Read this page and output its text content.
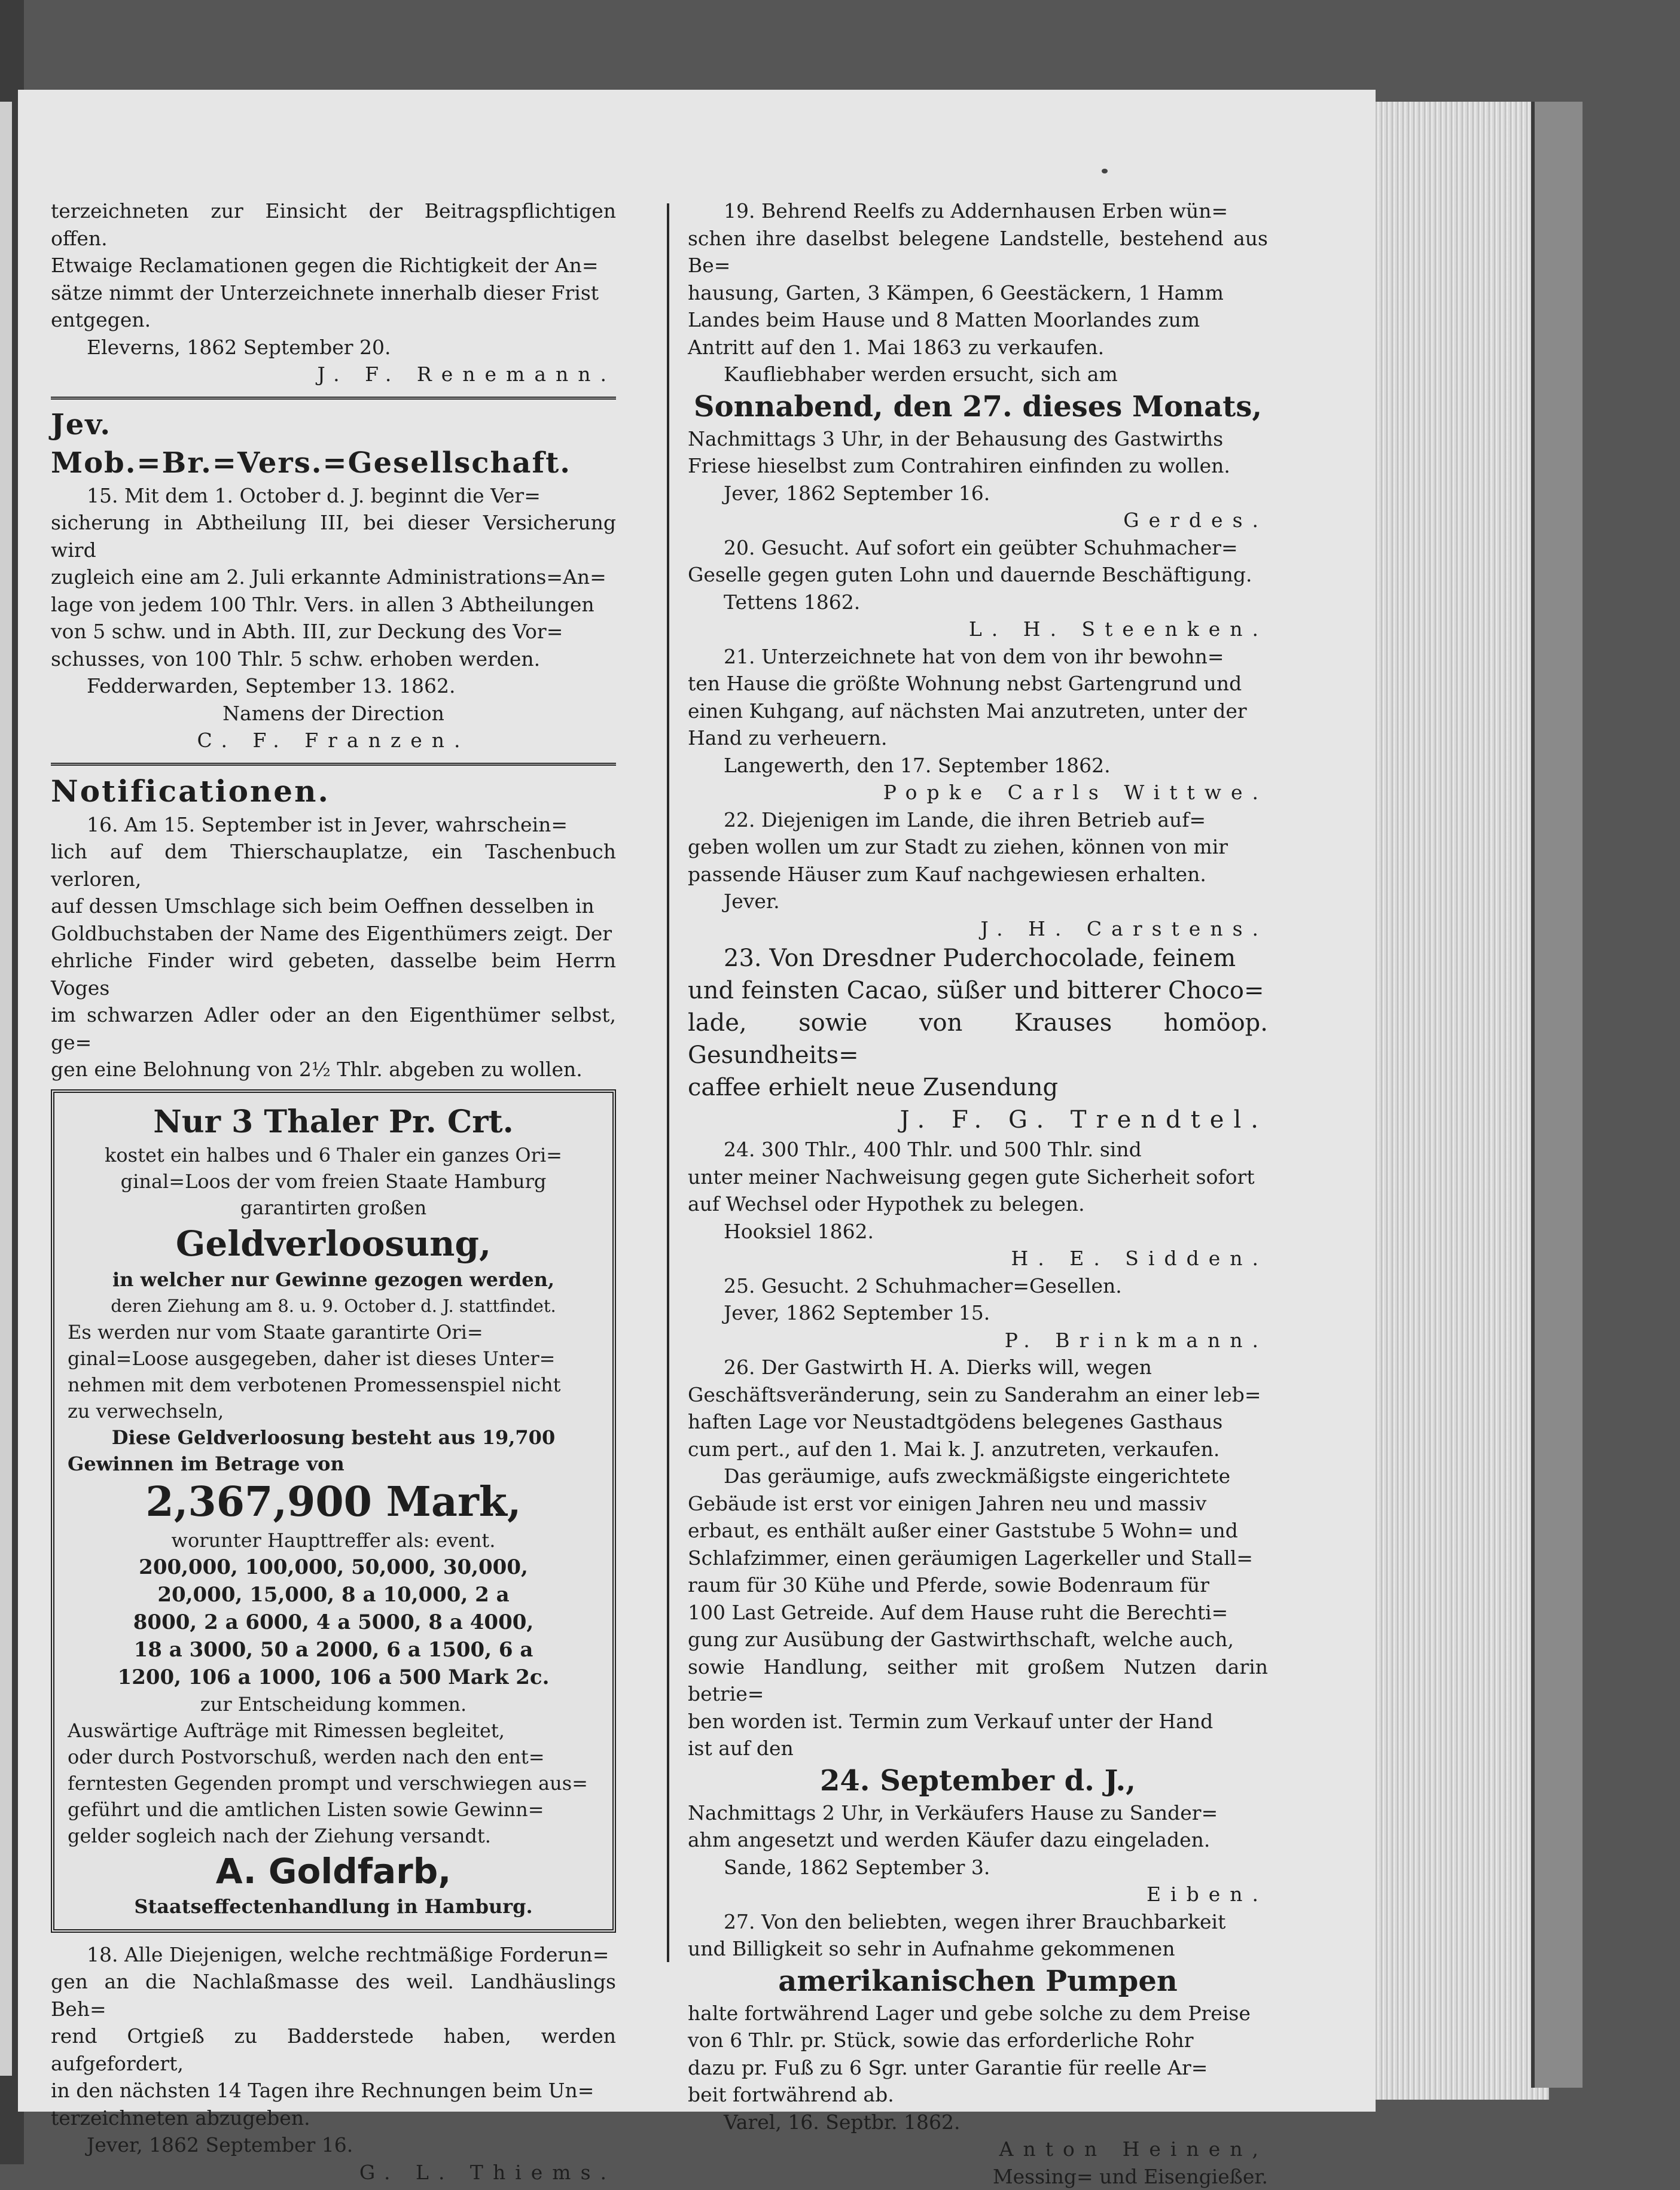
terzeichneten zur Einsicht der Beitragspflichtigen offen.

Etwaige Reclamationen gegen die Richtigkeit der An=

sätze nimmt der Unterzeichnete innerhalb dieser Frist

entgegen.

Eleverns, 1862 September 20.

J. F. Renemann.

Jev. Mob.=Br.=Vers.=Gesellschaft.

15. Mit dem 1. October d. J. beginnt die Ver=

sicherung in Abtheilung III, bei dieser Versicherung wird

zugleich eine am 2. Juli erkannte Administrations=An=

lage von jedem 100 Thlr. Vers. in allen 3 Abtheilungen

von 5 schw. und in Abth. III, zur Deckung des Vor=

schusses, von 100 Thlr. 5 schw. erhoben werden.

Fedderwarden, September 13. 1862.

Namens der Direction

C. F. Franzen.

Notificationen.

16. Am 15. September ist in Jever, wahrschein=

lich auf dem Thierschauplatze, ein Taschenbuch verloren,

auf dessen Umschlage sich beim Oeffnen desselben in

Goldbuchstaben der Name des Eigenthümers zeigt. Der

ehrliche Finder wird gebeten, dasselbe beim Herrn Voges

im schwarzen Adler oder an den Eigenthümer selbst, ge=

gen eine Belohnung von 2½ Thlr. abgeben zu wollen.

Nur 3 Thaler Pr. Crt.

kostet ein halbes und 6 Thaler ein ganzes Ori=

ginal=Loos der vom freien Staate Hamburg

garantirten großen

Geldverloosung,

in welcher nur Gewinne gezogen werden,

deren Ziehung am 8. u. 9. October d. J. stattfindet.

Es werden nur vom Staate garantirte Ori=

ginal=Loose ausgegeben, daher ist dieses Unter=

nehmen mit dem verbotenen Promessenspiel nicht

zu verwechseln,

Diese Geldverloosung besteht aus 19,700

Gewinnen im Betrage von

2,367,900 Mark,

worunter Haupttreffer als: event.

200,000, 100,000, 50,000, 30,000,

20,000, 15,000, 8 a 10,000, 2 a

8000, 2 a 6000, 4 a 5000, 8 a 4000,

18 a 3000, 50 a 2000, 6 a 1500, 6 a

1200, 106 a 1000, 106 a 500 Mark 2c.

zur Entscheidung kommen.

Auswärtige Aufträge mit Rimessen begleitet,

oder durch Postvorschuß, werden nach den ent=

ferntesten Gegenden prompt und verschwiegen aus=

geführt und die amtlichen Listen sowie Gewinn=

gelder sogleich nach der Ziehung versandt.

A. Goldfarb,

Staatseffectenhandlung in Hamburg.

18. Alle Diejenigen, welche rechtmäßige Forderun=

gen an die Nachlaßmasse des weil. Landhäuslings Beh=

rend Ortgieß zu Badderstede haben, werden aufgefordert,

in den nächsten 14 Tagen ihre Rechnungen beim Un=

terzeichneten abzugeben.

Jever, 1862 September 16.

G. L. Thiems.

19. Behrend Reelfs zu Addernhausen Erben wün=

schen ihre daselbst belegene Landstelle, bestehend aus Be=

hausung, Garten, 3 Kämpen, 6 Geestäckern, 1 Hamm

Landes beim Hause und 8 Matten Moorlandes zum

Antritt auf den 1. Mai 1863 zu verkaufen.

Kaufliebhaber werden ersucht, sich am

Sonnabend, den 27. dieses Monats,

Nachmittags 3 Uhr, in der Behausung des Gastwirths

Friese hieselbst zum Contrahiren einfinden zu wollen.

Jever, 1862 September 16.

Gerdes.

20. Gesucht. Auf sofort ein geübter Schuhmacher=

Geselle gegen guten Lohn und dauernde Beschäftigung.

Tettens 1862.

L. H. Steenken.

21. Unterzeichnete hat von dem von ihr bewohn=

ten Hause die größte Wohnung nebst Gartengrund und

einen Kuhgang, auf nächsten Mai anzutreten, unter der

Hand zu verheuern.

Langewerth, den 17. September 1862.

Popke Carls Wittwe.

22. Diejenigen im Lande, die ihren Betrieb auf=

geben wollen um zur Stadt zu ziehen, können von mir

passende Häuser zum Kauf nachgewiesen erhalten.

Jever.

J. H. Carstens.

23. Von Dresdner Puderchocolade, feinem

und feinsten Cacao, süßer und bitterer Choco=

lade, sowie von Krauses homöop. Gesundheits=

caffee erhielt neue Zusendung

J. F. G. Trendtel.

24. 300 Thlr., 400 Thlr. und 500 Thlr. sind

unter meiner Nachweisung gegen gute Sicherheit sofort

auf Wechsel oder Hypothek zu belegen.

Hooksiel 1862.

H. E. Sidden.

25. Gesucht. 2 Schuhmacher=Gesellen.

Jever, 1862 September 15.

P. Brinkmann.

26. Der Gastwirth H. A. Dierks will, wegen

Geschäftsveränderung, sein zu Sanderahm an einer leb=

haften Lage vor Neustadtgödens belegenes Gasthaus

cum pert., auf den 1. Mai k. J. anzutreten, verkaufen.

Das geräumige, aufs zweckmäßigste eingerichtete

Gebäude ist erst vor einigen Jahren neu und massiv

erbaut, es enthält außer einer Gaststube 5 Wohn= und

Schlafzimmer, einen geräumigen Lagerkeller und Stall=

raum für 30 Kühe und Pferde, sowie Bodenraum für

100 Last Getreide. Auf dem Hause ruht die Berechti=

gung zur Ausübung der Gastwirthschaft, welche auch,

sowie Handlung, seither mit großem Nutzen darin betrie=

ben worden ist. Termin zum Verkauf unter der Hand

ist auf den

24. September d. J.,

Nachmittags 2 Uhr, in Verkäufers Hause zu Sander=

ahm angesetzt und werden Käufer dazu eingeladen.

Sande, 1862 September 3.

Eiben.

27. Von den beliebten, wegen ihrer Brauchbarkeit

und Billigkeit so sehr in Aufnahme gekommenen

amerikanischen Pumpen

halte fortwährend Lager und gebe solche zu dem Preise

von 6 Thlr. pr. Stück, sowie das erforderliche Rohr

dazu pr. Fuß zu 6 Sgr. unter Garantie für reelle Ar=

beit fortwährend ab.

Varel, 16. Septbr. 1862.

Anton Heinen,

Messing= und Eisengießer.
